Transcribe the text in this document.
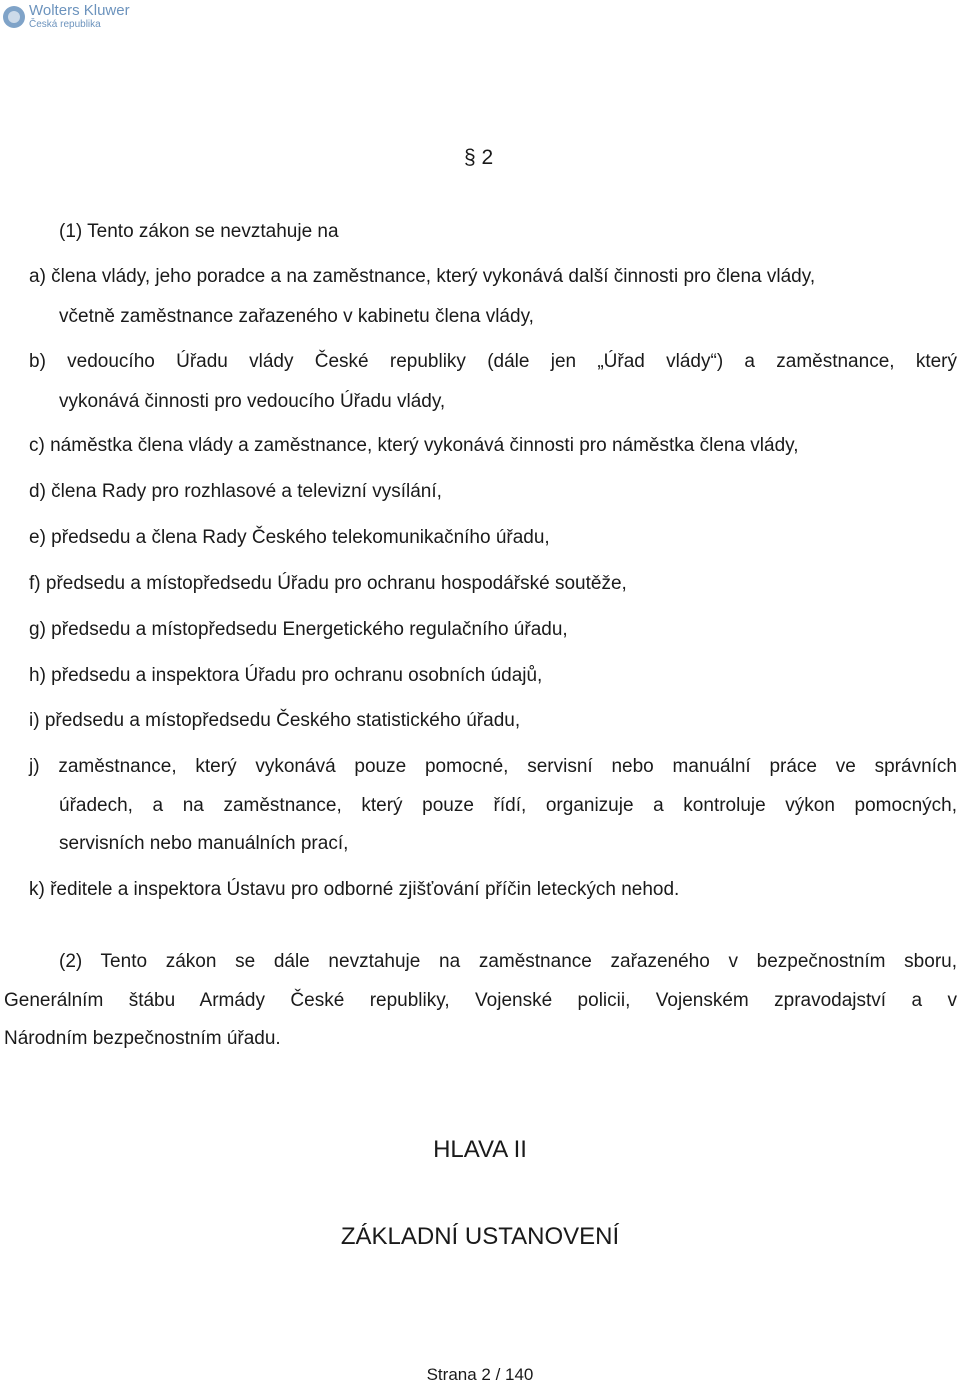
Wolters Kluwer
Česká republika
§ 2
(1) Tento zákon se nevztahuje na
a) člena vlády, jeho poradce a na zaměstnance, který vykonává další činnosti pro člena vlády,
včetně zaměstnance zařazeného v kabinetu člena vlády,
b) vedoucího Úřadu vlády České republiky (dále jen „Úřad vlády“) a zaměstnance, který
vykonává činnosti pro vedoucího Úřadu vlády,
c) náměstka člena vlády a zaměstnance, který vykonává činnosti pro náměstka člena vlády,
d) člena Rady pro rozhlasové a televizní vysílání,
e) předsedu a člena Rady Českého telekomunikačního úřadu,
f) předsedu a místopředsedu Úřadu pro ochranu hospodářské soutěže,
g) předsedu a místopředsedu Energetického regulačního úřadu,
h) předsedu a inspektora Úřadu pro ochranu osobních údajů,
i) předsedu a místopředsedu Českého statistického úřadu,
j) zaměstnance, který vykonává pouze pomocné, servisní nebo manuální práce ve správních
úřadech, a na zaměstnance, který pouze řídí, organizuje a kontroluje výkon pomocných,
servisních nebo manuálních prací,
k) ředitele a inspektora Ústavu pro odborné zjišťování příčin leteckých nehod.
(2) Tento zákon se dále nevztahuje na zaměstnance zařazeného v bezpečnostním sboru,
Generálním štábu Armády České republiky, Vojenské policii, Vojenském zpravodajství a v
Národním bezpečnostním úřadu.
HLAVA II
ZÁKLADNÍ USTANOVENÍ
Strana 2 / 140
